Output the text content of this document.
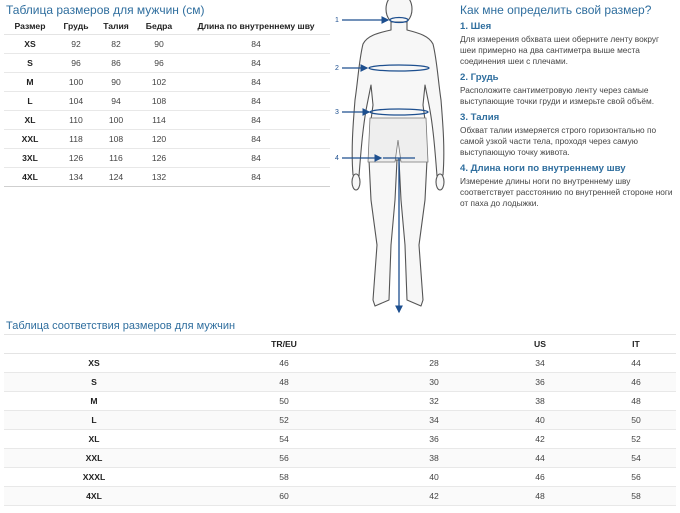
Таблица размеров для мужчин (см)
Размер	Грудь	Талия	Бедра	Длина по внутреннему шву
XS	92	82	90	84
S	96	86	96	84
M	100	90	102	84
L	104	94	108	84
XL	110	100	114	84
XXL	118	108	120	84
3XL	126	116	126	84
4XL	134	124	132	84
1
2
3
4
Как мне определить свой размер?
1. Шея
Для измерения обхвата шеи оберните ленту вокруг шеи примерно на два сантиметра выше места соединения шеи с плечами.
2. Грудь
Расположите сантиметровую ленту через самые выступающие точки груди и измерьте свой объём.
3. Талия
Обхват талии измеряется строго горизонтально по самой узкой части тела, проходя через самую выступающую точку живота.
4. Длина ноги по внутреннему шву
Измерение длины ноги по внутреннему шву соответствует расстоянию по внутренней стороне ноги от паха до лодыжки.
Таблица соответствия размеров для мужчин
	TR/EU		US	IT
XS	46	28	34	44
S	48	30	36	46
M	50	32	38	48
L	52	34	40	50
XL	54	36	42	52
XXL	56	38	44	54
XXXL	58	40	46	56
4XL	60	42	48	58
